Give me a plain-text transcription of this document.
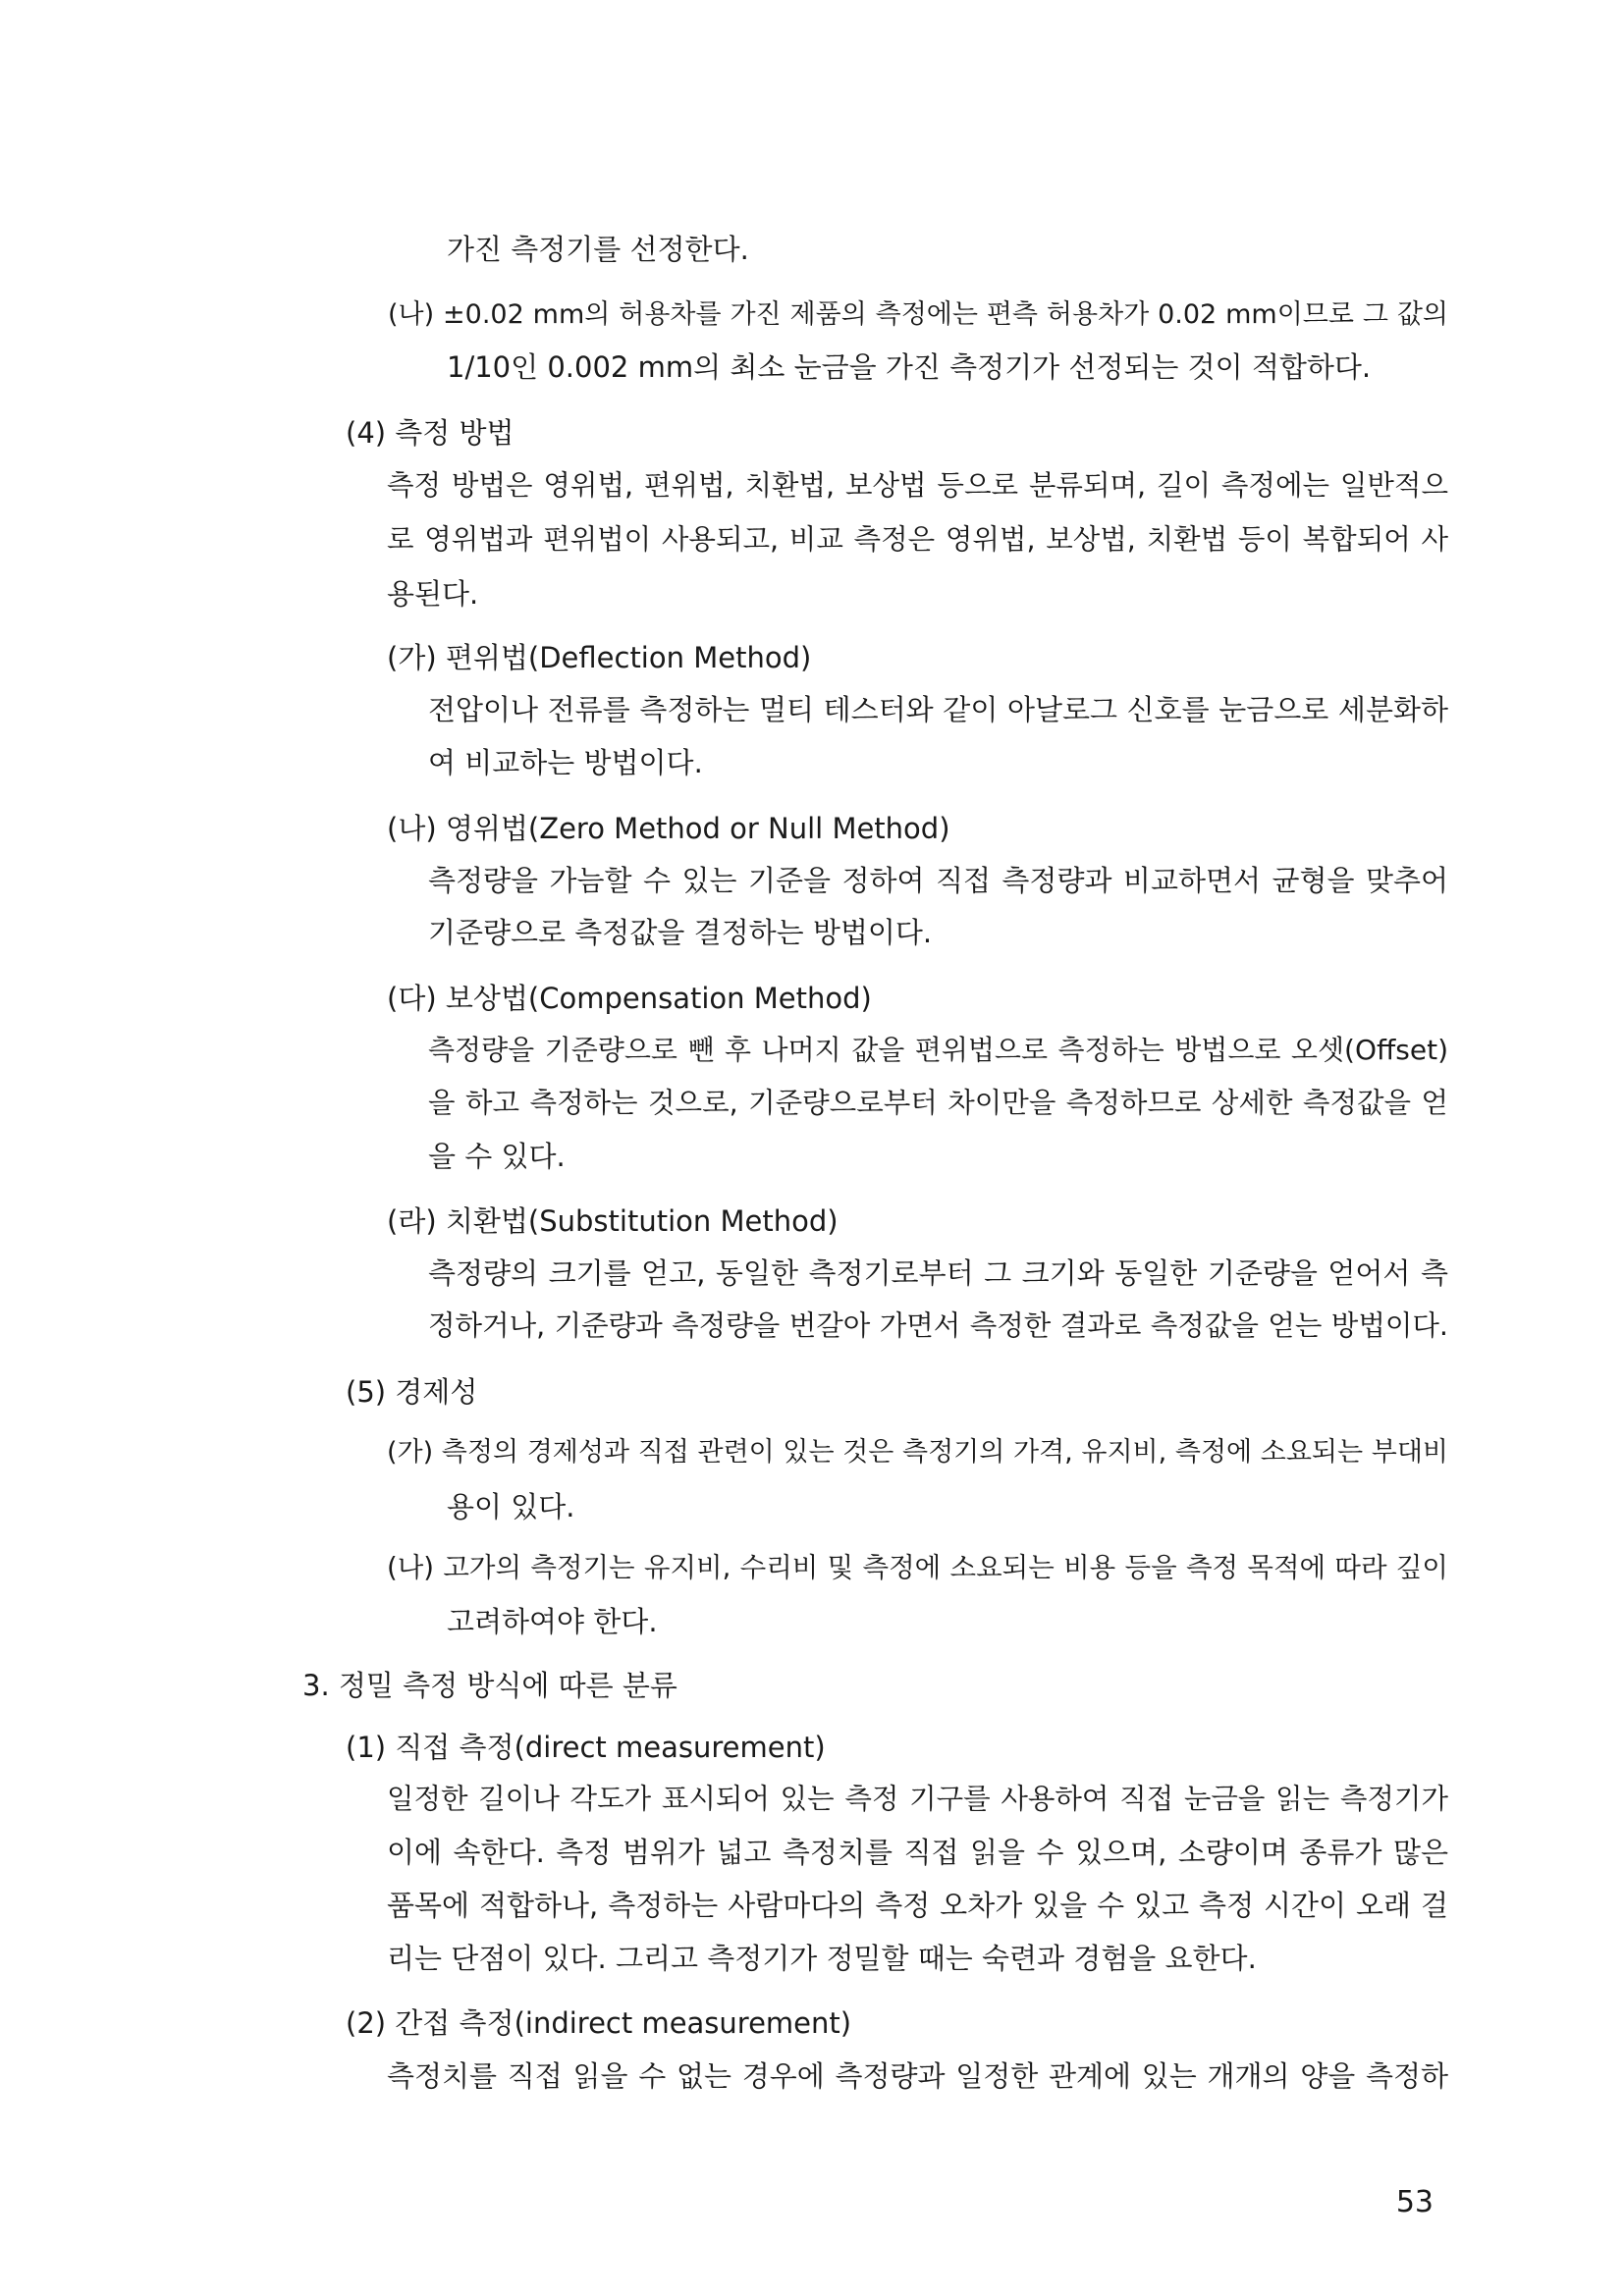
가진 측정기를 선정한다.

(나) ±0.02 mm의 허용차를 가진 제품의 측정에는 편측 허용차가 0.02 mm이므로 그 값의

1/10인 0.002 mm의 최소 눈금을 가진 측정기가 선정되는 것이 적합하다.

(4) 측정 방법

측정 방법은 영위법, 편위법, 치환법, 보상법 등으로 분류되며, 길이 측정에는 일반적으

로 영위법과 편위법이 사용되고, 비교 측정은 영위법, 보상법, 치환법 등이 복합되어 사

용된다.

(가) 편위법(Deflection Method)

전압이나 전류를 측정하는 멀티 테스터와 같이 아날로그 신호를 눈금으로 세분화하

여 비교하는 방법이다.

(나) 영위법(Zero Method or Null Method)

측정량을 가늠할 수 있는 기준을 정하여 직접 측정량과 비교하면서 균형을 맞추어

기준량으로 측정값을 결정하는 방법이다.

(다) 보상법(Compensation Method)

측정량을 기준량으로 뺀 후 나머지 값을 편위법으로 측정하는 방법으로 오셋(Offset)

을 하고 측정하는 것으로, 기준량으로부터 차이만을 측정하므로 상세한 측정값을 얻

을 수 있다.

(라) 치환법(Substitution Method)

측정량의 크기를 얻고, 동일한 측정기로부터 그 크기와 동일한 기준량을 얻어서 측

정하거나, 기준량과 측정량을 번갈아 가면서 측정한 결과로 측정값을 얻는 방법이다.

(5) 경제성

(가) 측정의 경제성과 직접 관련이 있는 것은 측정기의 가격, 유지비, 측정에 소요되는 부대비

용이 있다.

(나) 고가의 측정기는 유지비, 수리비 및 측정에 소요되는 비용 등을 측정 목적에 따라 깊이

고려하여야 한다.

3. 정밀 측정 방식에 따른 분류

(1) 직접 측정(direct measurement)

일정한 길이나 각도가 표시되어 있는 측정 기구를 사용하여 직접 눈금을 읽는 측정기가

이에 속한다. 측정 범위가 넓고 측정치를 직접 읽을 수 있으며, 소량이며 종류가 많은

품목에 적합하나, 측정하는 사람마다의 측정 오차가 있을 수 있고 측정 시간이 오래 걸

리는 단점이 있다. 그리고 측정기가 정밀할 때는 숙련과 경험을 요한다.

(2) 간접 측정(indirect measurement)

측정치를 직접 읽을 수 없는 경우에 측정량과 일정한 관계에 있는 개개의 양을 측정하

53
